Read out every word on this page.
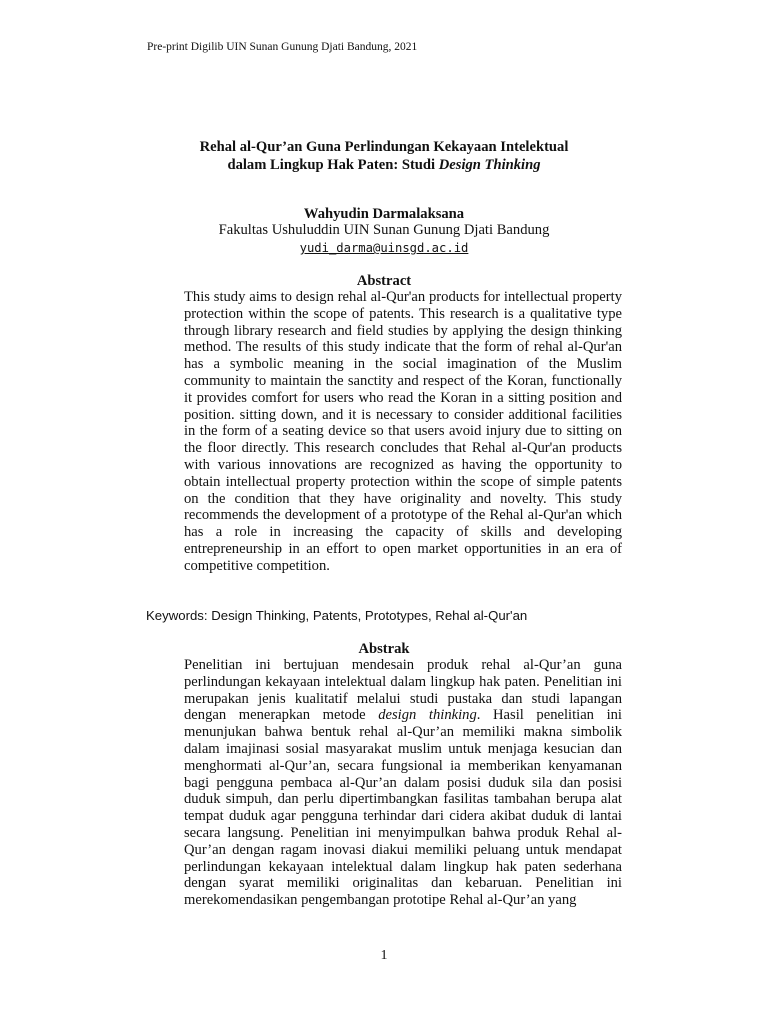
Pre-print Digilib UIN Sunan Gunung Djati Bandung, 2021
Rehal al-Qur’an Guna Perlindungan Kekayaan Intelektual
dalam Lingkup Hak Paten: Studi Design Thinking
Wahyudin Darmalaksana
Fakultas Ushuluddin UIN Sunan Gunung Djati Bandung
yudi_darma@uinsgd.ac.id
Abstract

This study aims to design rehal al-Qur'an products for intellectual property protection within the scope of patents. This research is a qualitative type through library research and field studies by applying the design thinking method. The results of this study indicate that the form of rehal al-Qur'an has a symbolic meaning in the social imagination of the Muslim community to maintain the sanctity and respect of the Koran, functionally it provides comfort for users who read the Koran in a sitting position and position. sitting down, and it is necessary to consider additional facilities in the form of a seating device so that users avoid injury due to sitting on the floor directly. This research concludes that Rehal al-Qur'an products with various innovations are recognized as having the opportunity to obtain intellectual property protection within the scope of simple patents on the condition that they have originality and novelty. This study recommends the development of a prototype of the Rehal al-Qur'an which has a role in increasing the capacity of skills and developing entrepreneurship in an effort to open market opportunities in an era of competitive competition.

Keywords: Design Thinking, Patents, Prototypes, Rehal al-Qur'an
Abstrak

Penelitian ini bertujuan mendesain produk rehal al-Qur’an guna perlindungan kekayaan intelektual dalam lingkup hak paten. Penelitian ini merupakan jenis kualitatif melalui studi pustaka dan studi lapangan dengan menerapkan metode design thinking. Hasil penelitian ini menunjukan bahwa bentuk rehal al-Qur’an memiliki makna simbolik dalam imajinasi sosial masyarakat muslim untuk menjaga kesucian dan menghormati al-Qur’an, secara fungsional ia memberikan kenyamanan bagi pengguna pembaca al-Qur’an dalam posisi duduk sila dan posisi duduk simpuh, dan perlu dipertimbangkan fasilitas tambahan berupa alat tempat duduk agar pengguna terhindar dari cidera akibat duduk di lantai secara langsung. Penelitian ini menyimpulkan bahwa produk Rehal al-Qur’an dengan ragam inovasi diakui memiliki peluang untuk mendapat perlindungan kekayaan intelektual dalam lingkup hak paten sederhana dengan syarat memiliki originalitas dan kebaruan. Penelitian ini merekomendasikan pengembangan prototipe Rehal al-Qur’an yang

1
